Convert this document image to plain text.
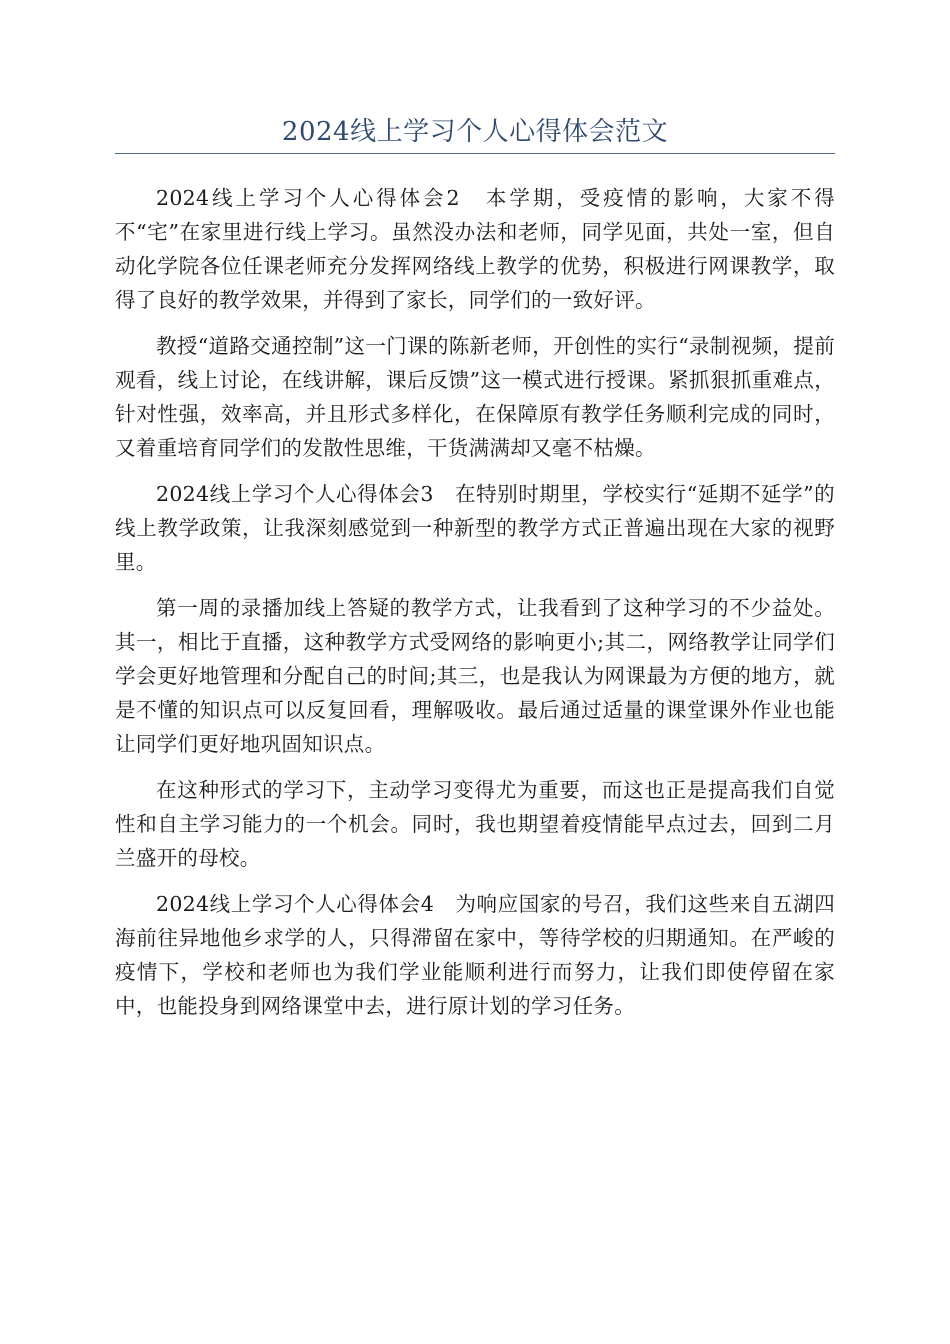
2024线上学习个人心得体会范文

2024线上学习个人心得体会2　本学期，受疫情的影响，大家不得不“宅”在家里进行线上学习。虽然没办法和老师，同学见面，共处一室，但自动化学院各位任课老师充分发挥网络线上教学的优势，积极进行网课教学，取得了良好的教学效果，并得到了家长，同学们的一致好评。

教授“道路交通控制”这一门课的陈新老师，开创性的实行“录制视频，提前观看，线上讨论，在线讲解，课后反馈”这一模式进行授课。紧抓狠抓重难点，针对性强，效率高，并且形式多样化，在保障原有教学任务顺利完成的同时，又着重培育同学们的发散性思维，干货满满却又毫不枯燥。

2024线上学习个人心得体会3　在特别时期里，学校实行“延期不延学”的线上教学政策，让我深刻感觉到一种新型的教学方式正普遍出现在大家的视野里。

第一周的录播加线上答疑的教学方式，让我看到了这种学习的不少益处。其一，相比于直播，这种教学方式受网络的影响更小;其二，网络教学让同学们学会更好地管理和分配自己的时间;其三，也是我认为网课最为方便的地方，就是不懂的知识点可以反复回看，理解吸收。最后通过适量的课堂课外作业也能让同学们更好地巩固知识点。

在这种形式的学习下，主动学习变得尤为重要，而这也正是提高我们自觉性和自主学习能力的一个机会。同时，我也期望着疫情能早点过去，回到二月兰盛开的母校。

2024线上学习个人心得体会4　为响应国家的号召，我们这些来自五湖四海前往异地他乡求学的人，只得滞留在家中，等待学校的归期通知。在严峻的疫情下，学校和老师也为我们学业能顺利进行而努力，让我们即使停留在家中，也能投身到网络课堂中去，进行原计划的学习任务。
